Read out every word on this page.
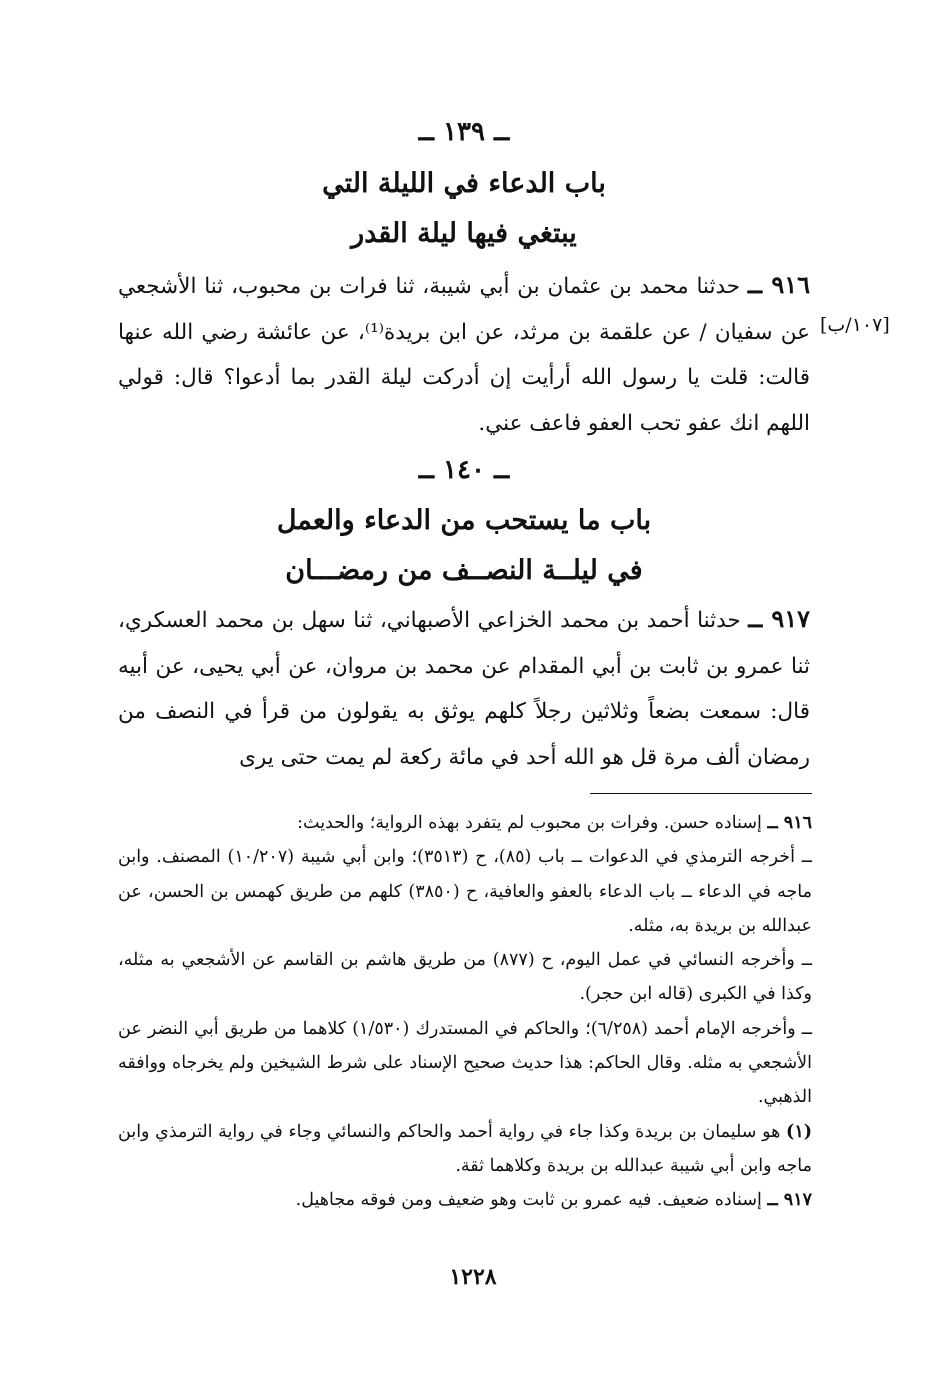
ــ ١٣٩ ــ
باب الدعاء في الليلة التي
يبتغي فيها ليلة القدر
٩١٦ ــ حدثنا محمد بن عثمان بن أبي شيبة، ثنا فرات بن محبوب، ثنا الأشجعي عن سفيان / عن علقمة بن مرثد، عن ابن بريدة⁽¹⁾، عن عائشة رضي الله عنها قالت: قلت يا رسول الله أرأيت إن أدركت ليلة القدر بما أدعوا؟ قال: قولي اللهم انك عفو تحب العفو فاعف عني.
[١٠٧/ب]
ــ ١٤٠ ــ
باب ما يستحب من الدعاء والعمل
في ليلــة النصــف من رمضـــان
٩١٧ ــ حدثنا أحمد بن محمد الخزاعي الأصبهاني، ثنا سهل بن محمد العسكري، ثنا عمرو بن ثابت بن أبي المقدام عن محمد بن مروان، عن أبي يحيى، عن أبيه قال: سمعت بضعاً وثلاثين رجلاً كلهم يوثق به يقولون من قرأ في النصف من رمضان ألف مرة قل هو الله أحد في مائة ركعة لم يمت حتى يرى

٩١٦ ــ إسناده حسن. وفرات بن محبوب لم يتفرد بهذه الرواية؛ والحديث:

ــ أخرجه الترمذي في الدعوات ــ باب (٨٥)، ح (٣٥١٣)؛ وابن أبي شيبة (١٠/٢٠٧) المصنف. وابن ماجه في الدعاء ــ باب الدعاء بالعفو والعافية، ح (٣٨٥٠) كلهم من طريق كهمس بن الحسن، عن عبدالله بن بريدة به، مثله.

ــ وأخرجه النسائي في عمل اليوم، ح (٨٧٧) من طريق هاشم بن القاسم عن الأشجعي به مثله، وكذا في الكبرى (قاله ابن حجر).

ــ وأخرجه الإمام أحمد (٦/٢٥٨)؛ والحاكم في المستدرك (١/٥٣٠) كلاهما من طريق أبي النضر عن الأشجعي به مثله. وقال الحاكم: هذا حديث صحيح الإسناد على شرط الشيخين ولم يخرجاه ووافقه الذهبي.

(١) هو سليمان بن بريدة وكذا جاء في رواية أحمد والحاكم والنسائي وجاء في رواية الترمذي وابن ماجه وابن أبي شيبة عبدالله بن بريدة وكلاهما ثقة.

٩١٧ ــ إسناده ضعيف. فيه عمرو بن ثابت وهو ضعيف ومن فوقه مجاهيل.

١٢٢٨
